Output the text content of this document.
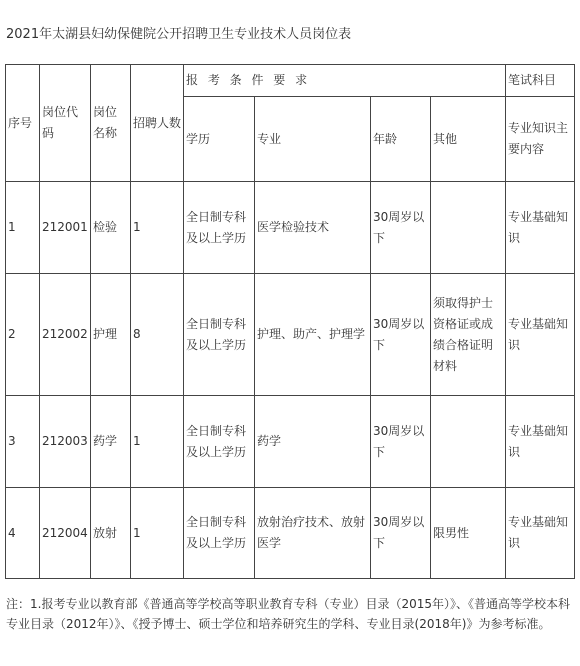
2021年太湖县妇幼保健院公开招聘卫生专业技术人员岗位表
序号	岗位代码	岗位名称	招聘人数	报 考 条 件 要 求				笔试科目
				学历	专业	年龄	其他	专业知识主要内容
1	212001	检验	1	全日制专科及以上学历	医学检验技术	30周岁以下		专业基础知识
2	212002	护理	8	全日制专科及以上学历	护理、助产、护理学	30周岁以下	须取得护士资格证或成绩合格证明材料	专业基础知识
3	212003	药学	1	全日制专科及以上学历	药学	30周岁以下		专业基础知识
4	212004	放射	1	全日制专科及以上学历	放射治疗技术、放射医学	30周岁以下	限男性	专业基础知识
注：1.报考专业以教育部《普通高等学校高等职业教育专科（专业）目录（2015年）》、《普通高等学校本科专业目录（2012年）》、《授予博士、硕士学位和培养研究生的学科、专业目录(2018年)》为参考标准。
